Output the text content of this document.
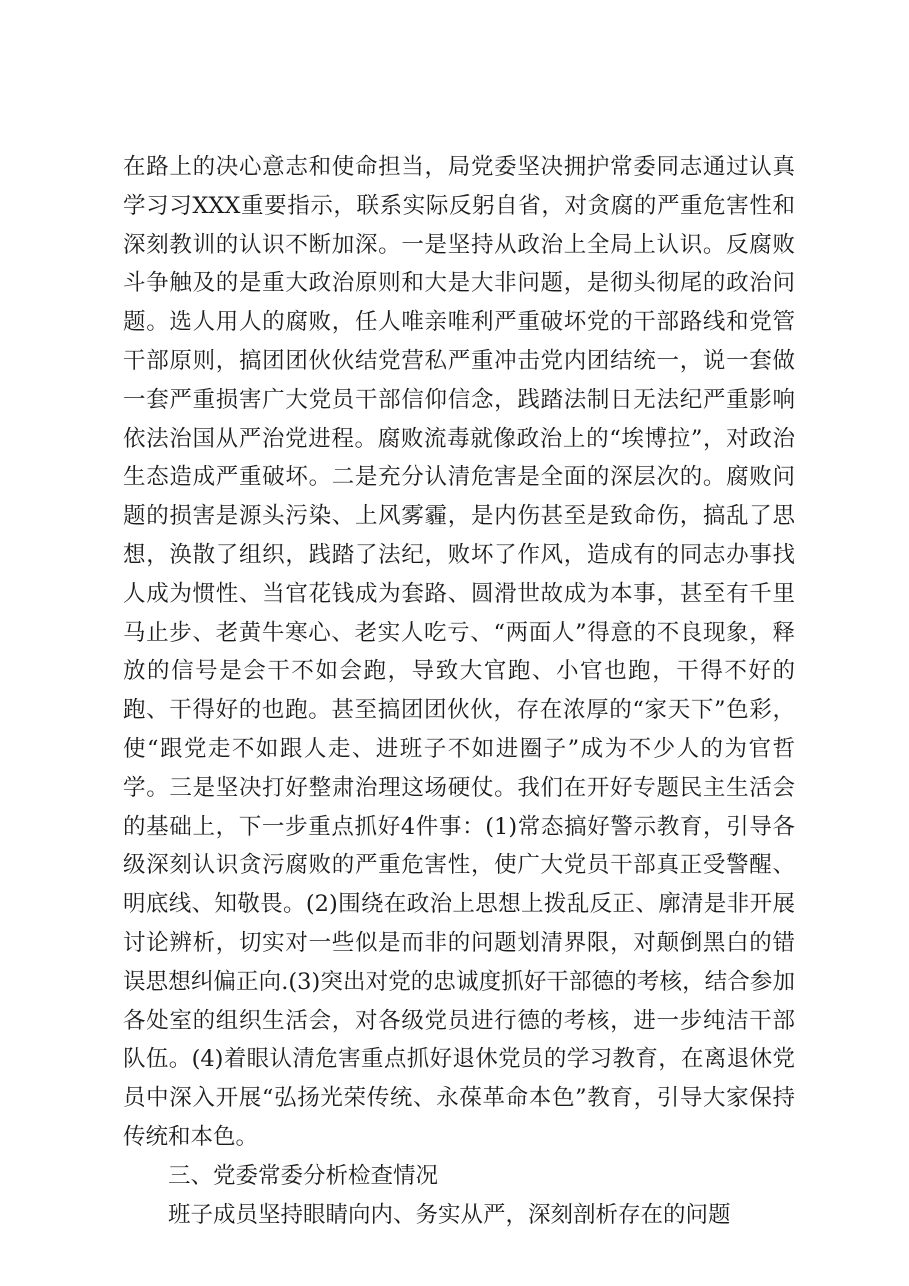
在路上的决心意志和使命担当，局党委坚决拥护常委同志通过认真学习习XXX重要指示，联系实际反躬自省，对贪腐的严重危害性和深刻教训的认识不断加深。一是坚持从政治上全局上认识。反腐败斗争触及的是重大政治原则和大是大非问题，是彻头彻尾的政治问题。选人用人的腐败，任人唯亲唯利严重破坏党的干部路线和党管干部原则，搞团团伙伙结党营私严重冲击党内团结统一，说一套做一套严重损害广大党员干部信仰信念，践踏法制日无法纪严重影响依法治国从严治党进程。腐败流毒就像政治上的“埃博拉”，对政治生态造成严重破坏。二是充分认清危害是全面的深层次的。腐败问题的损害是源头污染、上风雾霾，是内伤甚至是致命伤，搞乱了思想，涣散了组织，践踏了法纪，败坏了作风，造成有的同志办事找人成为惯性、当官花钱成为套路、圆滑世故成为本事，甚至有千里马止步、老黄牛寒心、老实人吃亏、“两面人”得意的不良现象，释放的信号是会干不如会跑，导致大官跑、小官也跑，干得不好的跑、干得好的也跑。甚至搞团团伙伙，存在浓厚的“家天下”色彩，使“跟党走不如跟人走、进班子不如进圈子”成为不少人的为官哲学。三是坚决打好整肃治理这场硬仗。我们在开好专题民主生活会的基础上，下一步重点抓好4件事：(1)常态搞好警示教育，引导各级深刻认识贪污腐败的严重危害性，使广大党员干部真正受警醒、明底线、知敬畏。(2)围绕在政治上思想上拨乱反正、廓清是非开展讨论辨析，切实对一些似是而非的问题划清界限，对颠倒黑白的错误思想纠偏正向.(3)突出对党的忠诚度抓好干部德的考核，结合参加各处室的组织生活会，对各级党员进行德的考核，进一步纯洁干部队伍。(4)着眼认清危害重点抓好退休党员的学习教育，在离退休党员中深入开展“弘扬光荣传统、永葆革命本色”教育，引导大家保持传统和本色。

三、党委常委分析检查情况

班子成员坚持眼睛向内、务实从严，深刻剖析存在的问题
